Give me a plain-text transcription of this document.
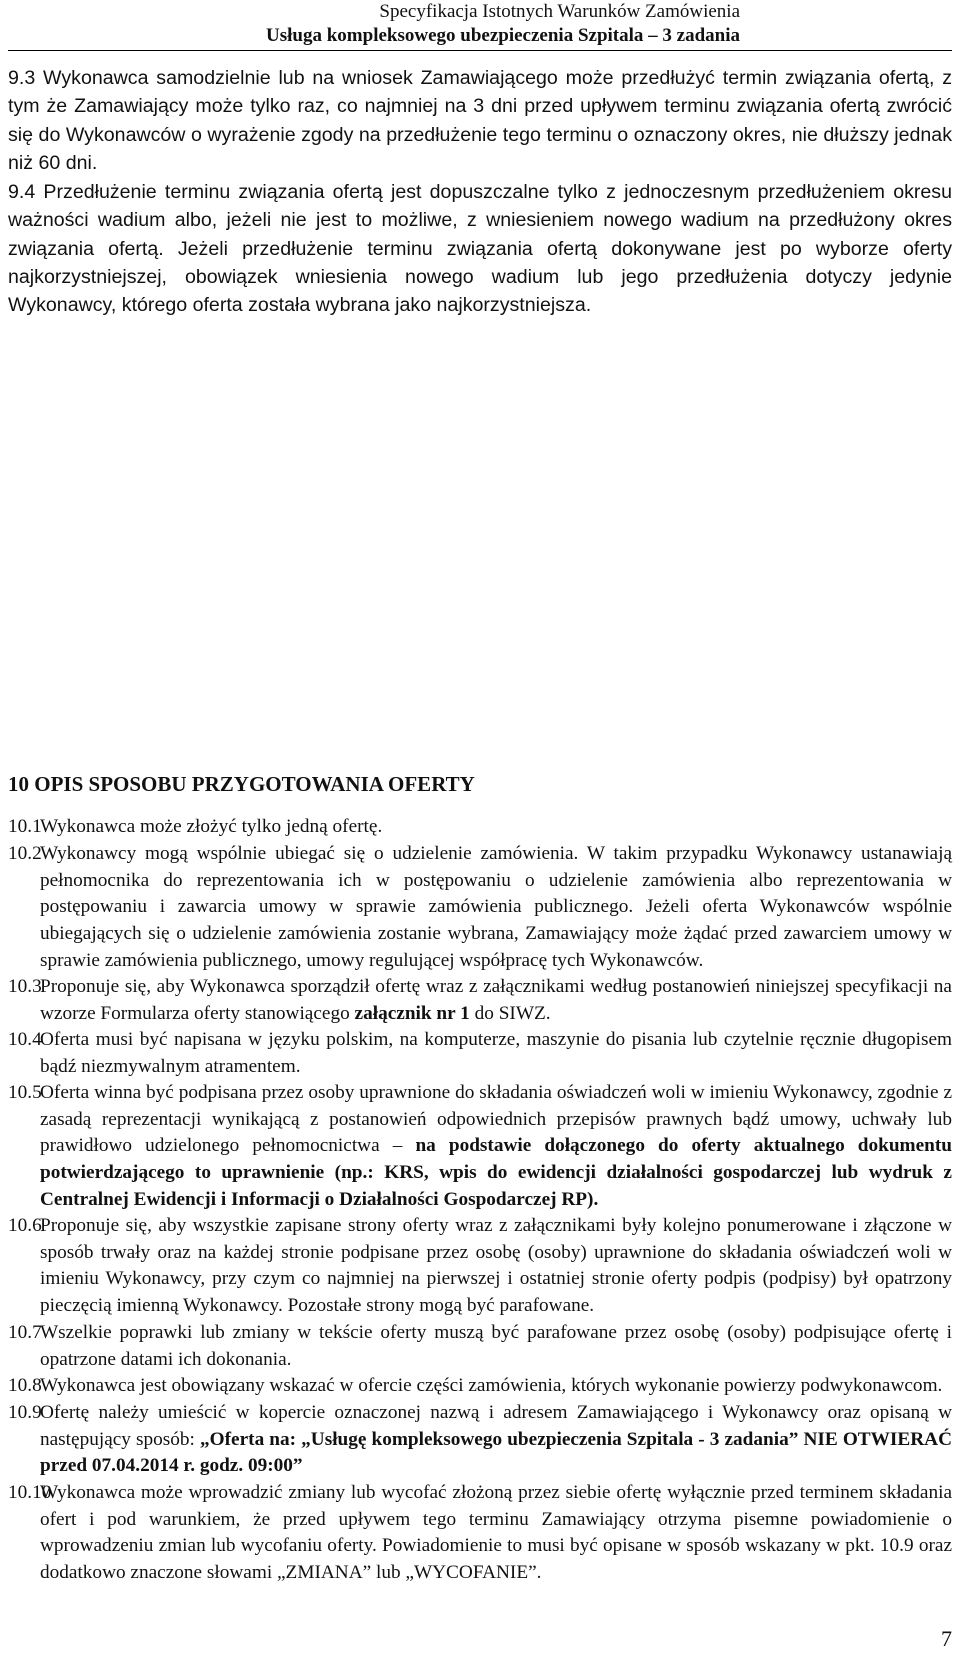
Specyfikacja Istotnych Warunków Zamówienia
Usługa kompleksowego ubezpieczenia Szpitala – 3 zadania
9.3 Wykonawca samodzielnie lub na wniosek Zamawiającego może przedłużyć termin związania ofertą, z tym że Zamawiający może tylko raz, co najmniej na 3 dni przed upływem terminu związania ofertą zwrócić się do Wykonawców o wyrażenie zgody na przedłużenie tego terminu o oznaczony okres, nie dłuższy jednak niż 60 dni.
9.4 Przedłużenie terminu związania ofertą jest dopuszczalne tylko z jednoczesnym przedłużeniem okresu ważności wadium albo, jeżeli nie jest to możliwe, z wniesieniem nowego wadium na przedłużony okres związania ofertą. Jeżeli przedłużenie terminu związania ofertą dokonywane jest po wyborze oferty najkorzystniejszej, obowiązek wniesienia nowego wadium lub jego przedłużenia dotyczy jedynie Wykonawcy, którego oferta została wybrana jako najkorzystniejsza.
10 OPIS SPOSOBU PRZYGOTOWANIA OFERTY
10.1
Wykonawca może złożyć tylko jedną ofertę.
10.2
Wykonawcy mogą wspólnie ubiegać się o udzielenie zamówienia. W takim przypadku Wykonawcy ustanawiają pełnomocnika do reprezentowania ich w postępowaniu o udzielenie zamówienia albo reprezentowania w postępowaniu i zawarcia umowy w sprawie zamówienia publicznego. Jeżeli oferta Wykonawców wspólnie ubiegających się o udzielenie zamówienia zostanie wybrana, Zamawiający może żądać przed zawarciem umowy w sprawie zamówienia publicznego, umowy regulującej współpracę tych Wykonawców.
10.3
Proponuje się, aby Wykonawca sporządził ofertę wraz z załącznikami według postanowień niniejszej specyfikacji na wzorze Formularza oferty stanowiącego załącznik nr 1 do SIWZ.
10.4
Oferta musi być napisana w języku polskim, na komputerze, maszynie do pisania lub czytelnie ręcznie długopisem bądź niezmywalnym atramentem.
10.5
Oferta winna być podpisana przez osoby uprawnione do składania oświadczeń woli w imieniu Wykonawcy, zgodnie z zasadą reprezentacji wynikającą z postanowień odpowiednich przepisów prawnych bądź umowy, uchwały lub prawidłowo udzielonego pełnomocnictwa – na podstawie dołączonego do oferty aktualnego dokumentu potwierdzającego to uprawnienie (np.: KRS, wpis do ewidencji działalności gospodarczej lub wydruk z Centralnej Ewidencji i Informacji o Działalności Gospodarczej RP).
10.6
Proponuje się, aby wszystkie zapisane strony oferty wraz z załącznikami były kolejno ponumerowane i złączone w sposób trwały oraz na każdej stronie podpisane przez osobę (osoby) uprawnione do składania oświadczeń woli w imieniu Wykonawcy, przy czym co najmniej na pierwszej i ostatniej stronie oferty podpis (podpisy) był opatrzony pieczęcią imienną Wykonawcy. Pozostałe strony mogą być parafowane.
10.7
Wszelkie poprawki lub zmiany w tekście oferty muszą być parafowane przez osobę (osoby) podpisujące ofertę i opatrzone datami ich dokonania.
10.8
Wykonawca jest obowiązany wskazać w ofercie części zamówienia, których wykonanie powierzy podwykonawcom.
10.9
Ofertę należy umieścić w kopercie oznaczonej nazwą i adresem Zamawiającego i Wykonawcy oraz opisaną w następujący sposób: „Oferta na: „Usługę kompleksowego ubezpieczenia Szpitala - 3 zadania” NIE OTWIERAĆ przed 07.04.2014 r. godz. 09:00”
10.10
Wykonawca może wprowadzić zmiany lub wycofać złożoną przez siebie ofertę wyłącznie przed terminem składania ofert i pod warunkiem, że przed upływem tego terminu Zamawiający otrzyma pisemne powiadomienie o wprowadzeniu zmian lub wycofaniu oferty. Powiadomienie to musi być opisane w sposób wskazany w pkt. 10.9 oraz dodatkowo znaczone słowami „ZMIANA” lub „WYCOFANIE”.
7
